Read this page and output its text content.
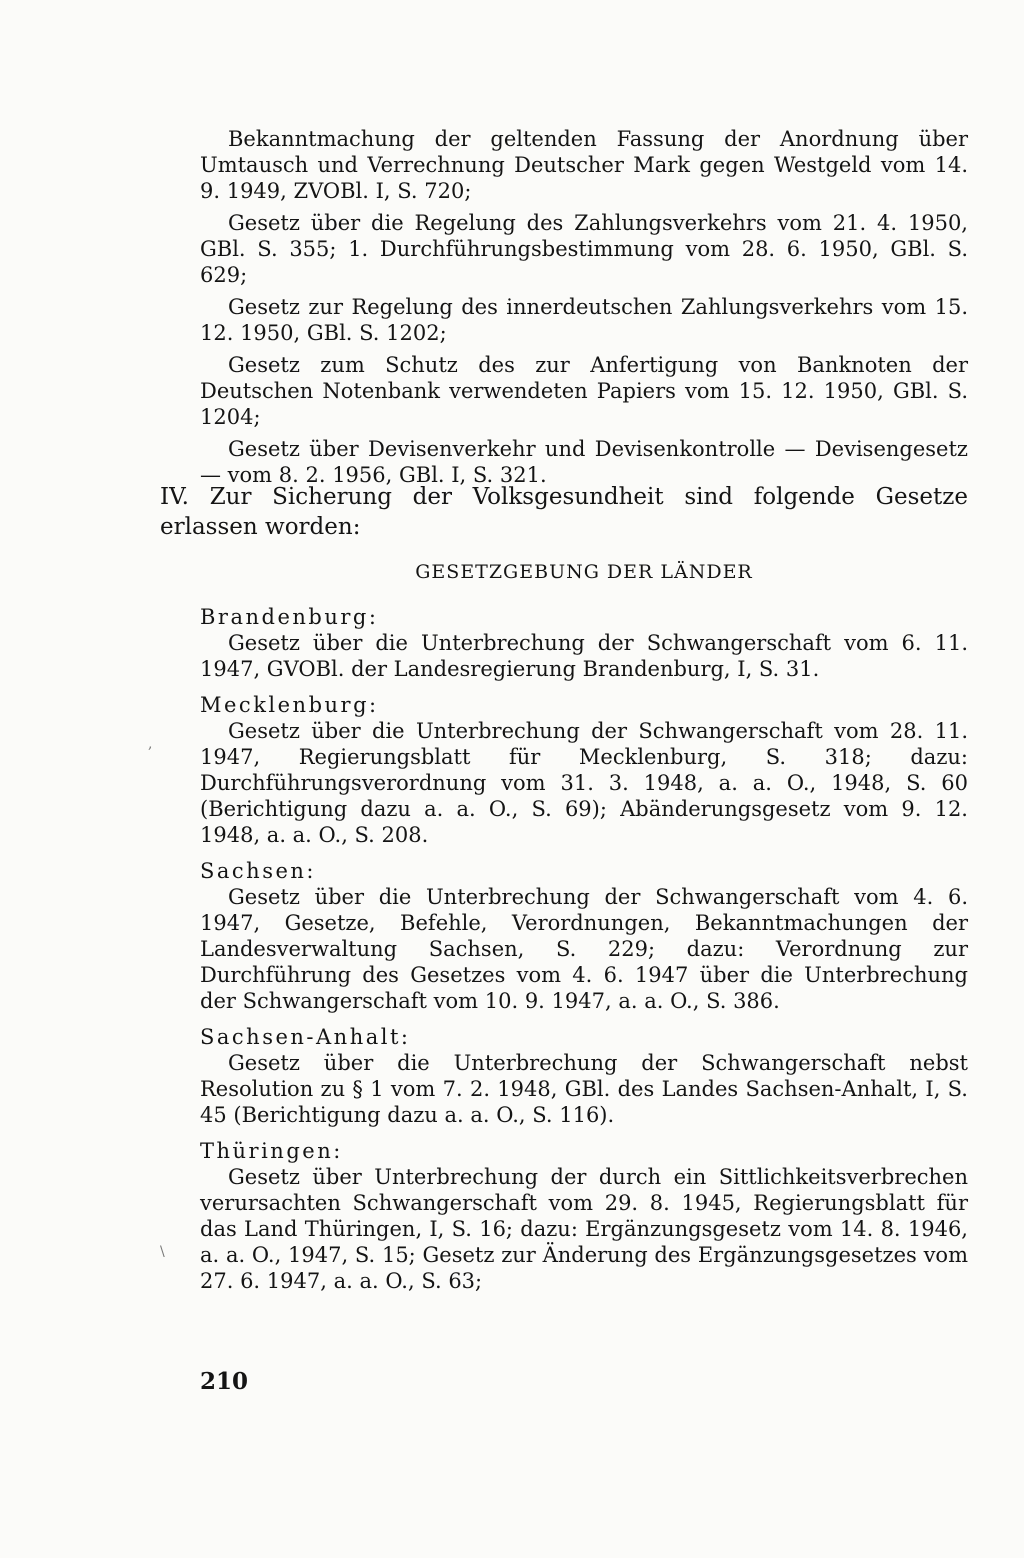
Bekanntmachung der geltenden Fassung der Anordnung über Umtausch und Verrechnung Deutscher Mark gegen Westgeld vom 14. 9. 1949, ZVOBl. I, S. 720;

Gesetz über die Regelung des Zahlungsverkehrs vom 21. 4. 1950, GBl. S. 355; 1. Durchführungsbestimmung vom 28. 6. 1950, GBl. S. 629;

Gesetz zur Regelung des innerdeutschen Zahlungsverkehrs vom 15. 12. 1950, GBl. S. 1202;

Gesetz zum Schutz des zur Anfertigung von Banknoten der Deutschen Notenbank verwendeten Papiers vom 15. 12. 1950, GBl. S. 1204;

Gesetz über Devisenverkehr und Devisenkontrolle — Devisengesetz — vom 8. 2. 1956, GBl. I, S. 321.

IV. Zur Sicherung der Volksgesundheit sind folgende Gesetze erlassen worden:

GESETZGEBUNG DER LÄNDER

Brandenburg:

Gesetz über die Unterbrechung der Schwangerschaft vom 6. 11. 1947, GVOBl. der Landesregierung Brandenburg, I, S. 31.

Mecklenburg:

Gesetz über die Unterbrechung der Schwangerschaft vom 28. 11. 1947, Regierungsblatt für Mecklenburg, S. 318; dazu: Durchführungsverordnung vom 31. 3. 1948, a. a. O., 1948, S. 60 (Berichtigung dazu a. a. O., S. 69); Abänderungsgesetz vom 9. 12. 1948, a. a. O., S. 208.

Sachsen:

Gesetz über die Unterbrechung der Schwangerschaft vom 4. 6. 1947, Gesetze, Befehle, Verordnungen, Bekanntmachungen der Landesverwaltung Sachsen, S. 229; dazu: Verordnung zur Durchführung des Gesetzes vom 4. 6. 1947 über die Unterbrechung der Schwangerschaft vom 10. 9. 1947, a. a. O., S. 386.

Sachsen-Anhalt:

Gesetz über die Unterbrechung der Schwangerschaft nebst Resolution zu § 1 vom 7. 2. 1948, GBl. des Landes Sachsen-Anhalt, I, S. 45 (Berichtigung dazu a. a. O., S. 116).

Thüringen:

Gesetz über Unterbrechung der durch ein Sittlichkeitsverbrechen verursachten Schwangerschaft vom 29. 8. 1945, Regierungsblatt für das Land Thüringen, I, S. 16; dazu: Ergänzungsgesetz vom 14. 8. 1946, a. a. O., 1947, S. 15; Gesetz zur Änderung des Ergänzungsgesetzes vom 27. 6. 1947, a. a. O., S. 63;

210

,
\
